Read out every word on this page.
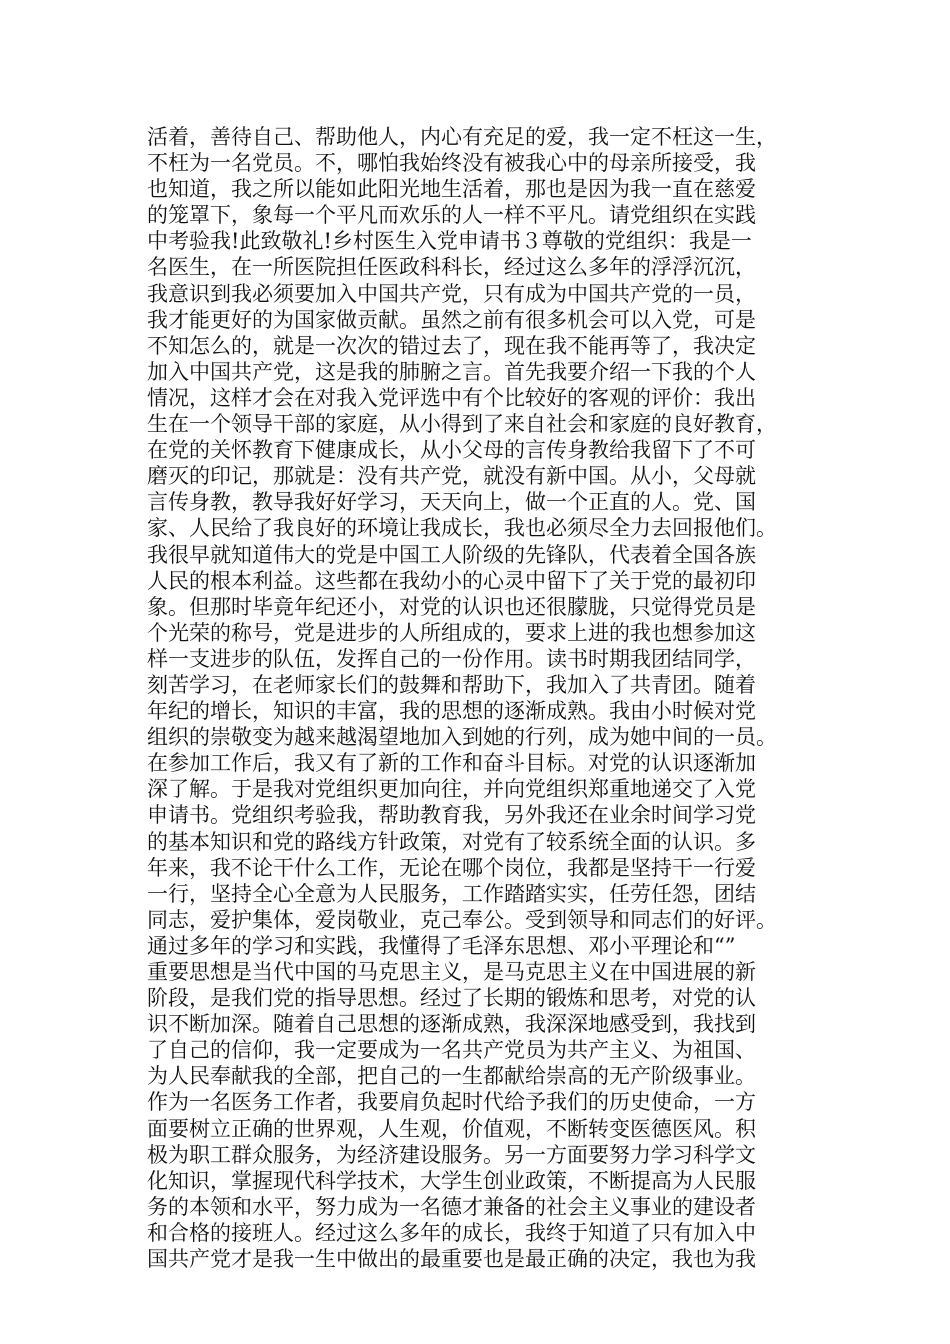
活着，善待自己、帮助他人，内心有充足的爱，我一定不枉这一生，
不枉为一名党员。不，哪怕我始终没有被我心中的母亲所接受，我
也知道，我之所以能如此阳光地生活着，那也是因为我一直在慈爱
的笼罩下，象每一个平凡而欢乐的人一样不平凡。请党组织在实践
中考验我!此致敬礼!乡村医生入党申请书３尊敬的党组织：我是一
名医生，在一所医院担任医政科科长，经过这么多年的浮浮沉沉，
我意识到我必须要加入中国共产党，只有成为中国共产党的一员，
我才能更好的为国家做贡献。虽然之前有很多机会可以入党，可是
不知怎么的，就是一次次的错过去了，现在我不能再等了，我决定
加入中国共产党，这是我的肺腑之言。首先我要介绍一下我的个人
情况，这样才会在对我入党评选中有个比较好的客观的评价：我出
生在一个领导干部的家庭，从小得到了来自社会和家庭的良好教育，
在党的关怀教育下健康成长，从小父母的言传身教给我留下了不可
磨灭的印记，那就是：没有共产党，就没有新中国。从小，父母就
言传身教，教导我好好学习，天天向上，做一个正直的人。党、国
家、人民给了我良好的环境让我成长，我也必须尽全力去回报他们。
我很早就知道伟大的党是中国工人阶级的先锋队，代表着全国各族
人民的根本利益。这些都在我幼小的心灵中留下了关于党的最初印
象。但那时毕竟年纪还小，对党的认识也还很朦胧，只觉得党员是
个光荣的称号，党是进步的人所组成的，要求上进的我也想参加这
样一支进步的队伍，发挥自己的一份作用。读书时期我团结同学，
刻苦学习，在老师家长们的鼓舞和帮助下，我加入了共青团。随着
年纪的增长，知识的丰富，我的思想的逐渐成熟。我由小时候对党
组织的崇敬变为越来越渴望地加入到她的行列，成为她中间的一员。
在参加工作后，我又有了新的工作和奋斗目标。对党的认识逐渐加
深了解。于是我对党组织更加向往，并向党组织郑重地递交了入党
申请书。党组织考验我，帮助教育我，另外我还在业余时间学习党
的基本知识和党的路线方针政策，对党有了较系统全面的认识。多
年来，我不论干什么工作，无论在哪个岗位，我都是坚持干一行爱
一行，坚持全心全意为人民服务，工作踏踏实实，任劳任怨，团结
同志，爱护集体，爱岗敬业，克己奉公。受到领导和同志们的好评。
通过多年的学习和实践，我懂得了毛泽东思想、邓小平理论和“”
重要思想是当代中国的马克思主义，是马克思主义在中国进展的新
阶段，是我们党的指导思想。经过了长期的锻炼和思考，对党的认
识不断加深。随着自己思想的逐渐成熟，我深深地感受到，我找到
了自己的信仰，我一定要成为一名共产党员为共产主义、为祖国、
为人民奉献我的全部，把自己的一生都献给崇高的无产阶级事业。
作为一名医务工作者，我要肩负起时代给予我们的历史使命，一方
面要树立正确的世界观，人生观，价值观，不断转变医德医风。积
极为职工群众服务，为经济建设服务。另一方面要努力学习科学文
化知识，掌握现代科学技术，大学生创业政策，不断提高为人民服
务的本领和水平，努力成为一名德才兼备的社会主义事业的建设者
和合格的接班人。经过这么多年的成长，我终于知道了只有加入中
国共产党才是我一生中做出的最重要也是最正确的决定，我也为我
